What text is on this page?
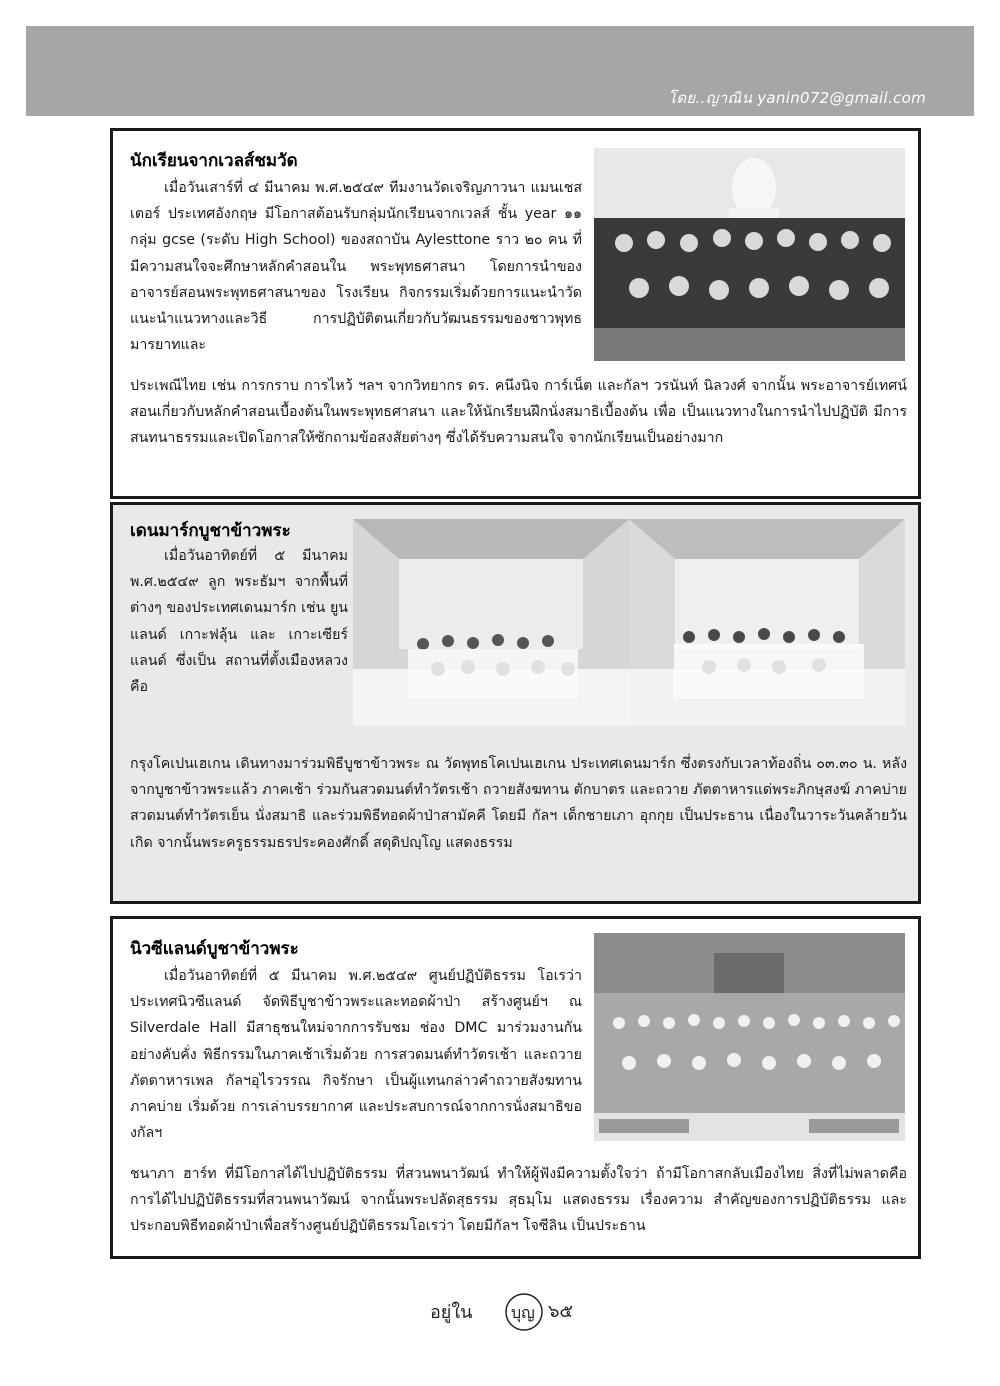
โดย..ญาณิน yanin072@gmail.com
นักเรียนจากเวลส์ชมวัด

เมื่อวันเสาร์ที่ ๔ มีนาคม พ.ศ.๒๕๔๙ ทีมงานวัดเจริญภาวนา แมนเชสเตอร์ ประเทศอังกฤษ มีโอกาสต้อนรับกลุ่มนักเรียนจากเวลส์ ชั้น year ๑๑ กลุ่ม gcse (ระดับ High School) ของสถาบัน Aylesttone ราว ๒๐ คน ที่มีความสนใจจะศึกษาหลักคำสอนใน พระพุทธศาสนา โดยการนำของอาจารย์สอนพระพุทธศาสนาของ โรงเรียน กิจกรรมเริ่มด้วยการแนะนำวัด แนะนำแนวทางและวิธี การปฏิบัติตนเกี่ยวกับวัฒนธรรมของชาวพุทธ มารยาทและ

ประเพณีไทย เช่น การกราบ การไหว้ ฯลฯ จากวิทยากร ดร. คนึงนิจ การ์เน็ต และกัลฯ วรนันท์ นิลวงศ์ จากนั้น พระอาจารย์เทศน์สอนเกี่ยวกับหลักคำสอนเบื้องต้นในพระพุทธศาสนา และให้นักเรียนฝึกนั่งสมาธิเบื้องต้น เพื่อ เป็นแนวทางในการนำไปปฏิบัติ มีการสนทนาธรรมและเปิดโอกาสให้ซักถามข้อสงสัยต่างๆ ซึ่งได้รับความสนใจ จากนักเรียนเป็นอย่างมาก

เดนมาร์กบูชาข้าวพระ

เมื่อวันอาทิตย์ที่ ๕ มีนาคม พ.ศ.๒๕๔๙ ลูก พระธัมฯ จากพื้นที่ต่างๆ ของประเทศเดนมาร์ก เช่น ยูนแลนด์ เกาะฟลุ้น และ เกาะเซียร์แลนด์ ซึ่งเป็น สถานที่ตั้งเมืองหลวง คือ

กรุงโคเปนเฮเกน เดินทางมาร่วมพิธีบูชาข้าวพระ ณ วัดพุทธโคเปนเฮเกน ประเทศเดนมาร์ก ซึ่งตรงกับเวลาท้องถิ่น ๐๓.๓๐ น. หลังจากบูชาข้าวพระแล้ว ภาคเช้า ร่วมกันสวดมนต์ทำวัตรเช้า ถวายสังฆทาน ตักบาตร และถวาย ภัตตาหารแด่พระภิกษุสงฆ์ ภาคบ่าย สวดมนต์ทำวัตรเย็น นั่งสมาธิ และร่วมพิธีทอดผ้าป่าสามัคคี โดยมี กัลฯ เด็กชายเภา อุกกุย เป็นประธาน เนื่องในวาระวันคล้ายวันเกิด จากนั้นพระครูธรรมธรประคองศักดิ์ สดุดิปญฺโญ แสดงธรรม

นิวซีแลนด์บูชาข้าวพระ

เมื่อวันอาทิตย์ที่ ๕ มีนาคม พ.ศ.๒๕๔๙ ศูนย์ปฏิบัติธรรม โอเรว่า ประเทศนิวซีแลนด์ จัดพิธีบูชาข้าวพระและทอดผ้าป่า สร้างศูนย์ฯ ณ Silverdale Hall มีสาธุชนใหม่จากการรับชม ช่อง DMC มาร่วมงานกันอย่างคับคั่ง พิธีกรรมในภาคเช้าเริ่มด้วย การสวดมนต์ทำวัตรเช้า และถวายภัตตาหารเพล กัลฯอุไรวรรณ กิจรักษา เป็นผู้แทนกล่าวคำถวายสังฆทาน ภาคบ่าย เริ่มด้วย การเล่าบรรยากาศ และประสบการณ์จากการนั่งสมาธิของกัลฯ

ชนาภา ฮาร์ท ที่มีโอกาสได้ไปปฏิบัติธรรม ที่สวนพนาวัฒน์ ทำให้ผู้ฟังมีความตั้งใจว่า ถ้ามีโอกาสกลับเมืองไทย สิ่งที่ไม่พลาดคือ การได้ไปปฏิบัติธรรมที่สวนพนาวัฒน์ จากนั้นพระปลัดสุธรรม สุธมฺโม แสดงธรรม เรื่องความ สำคัญของการปฏิบัติธรรม และประกอบพิธีทอดผ้าป่าเพื่อสร้างศูนย์ปฏิบัติธรรมโอเรว่า โดยมีกัลฯ โจซีลิน เป็นประธาน

อยู่ใน บุญ ๖๕
